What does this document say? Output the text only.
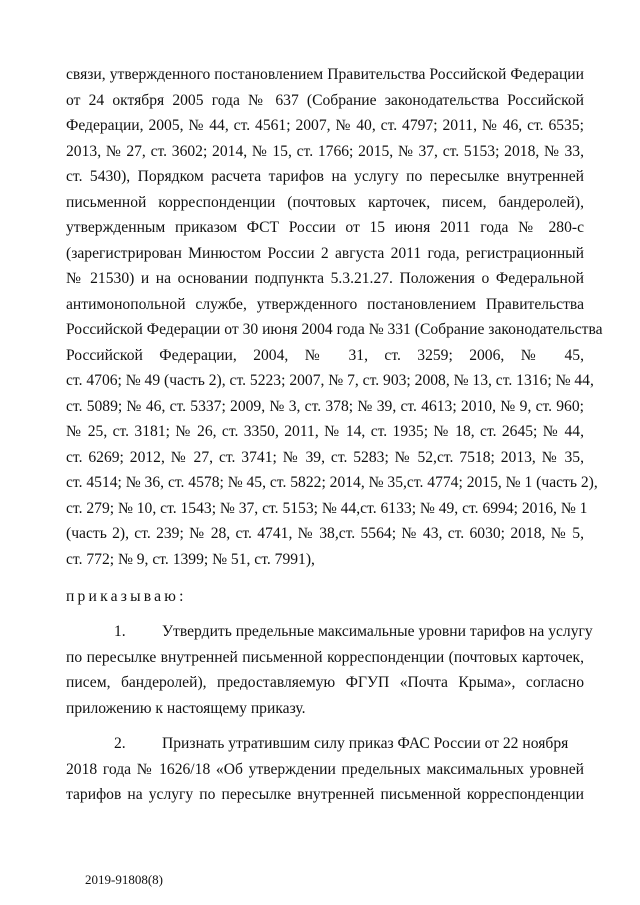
связи, утвержденного постановлением Правительства Российской Федерации
от 24 октября 2005 года № 637 (Собрание законодательства Российской
Федерации, 2005, № 44, ст. 4561; 2007, № 40, ст. 4797; 2011, № 46, ст. 6535;
2013, № 27, ст. 3602; 2014, № 15, ст. 1766; 2015, № 37, ст. 5153; 2018, № 33,
ст. 5430), Порядком расчета тарифов на услугу по пересылке внутренней
письменной корреспонденции (почтовых карточек, писем, бандеролей),
утвержденным приказом ФСТ России от 15 июня 2011 года № 280-с
(зарегистрирован Минюстом России 2 августа 2011 года, регистрационный
№ 21530) и на основании подпункта 5.3.21.27. Положения о Федеральной
антимонопольной службе, утвержденного постановлением Правительства
Российской Федерации от 30 июня 2004 года № 331 (Собрание законодательства
Российской Федерации, 2004, № 31, ст. 3259; 2006, № 45,
ст. 4706; № 49 (часть 2), ст. 5223; 2007, № 7, ст. 903; 2008, № 13, ст. 1316; № 44,
ст. 5089; № 46, ст. 5337; 2009, № 3, ст. 378; № 39, ст. 4613; 2010, № 9, ст. 960;
№ 25, ст. 3181; № 26, ст. 3350, 2011, № 14, ст. 1935; № 18, ст. 2645; № 44,
ст. 6269; 2012, № 27, ст. 3741; № 39, ст. 5283; № 52,ст. 7518; 2013, № 35,
ст. 4514; № 36, ст. 4578; № 45, ст. 5822; 2014, № 35,ст. 4774; 2015, № 1 (часть 2),
ст. 279; № 10, ст. 1543; № 37, ст. 5153; № 44,ст. 6133; № 49, ст. 6994; 2016, № 1
(часть 2), ст. 239; № 28, ст. 4741, № 38,ст. 5564; № 43, ст. 6030; 2018, № 5,
ст. 772; № 9, ст. 1399; № 51, ст. 7991),
приказываю:
1. Утвердить предельные максимальные уровни тарифов на услугу
по пересылке внутренней письменной корреспонденции (почтовых карточек,
писем, бандеролей), предоставляемую ФГУП «Почта Крыма», согласно
приложению к настоящему приказу.
2. Признать утратившим силу приказ ФАС России от 22 ноября
2018 года № 1626/18 «Об утверждении предельных максимальных уровней
тарифов на услугу по пересылке внутренней письменной корреспонденции
2019-91808(8)
